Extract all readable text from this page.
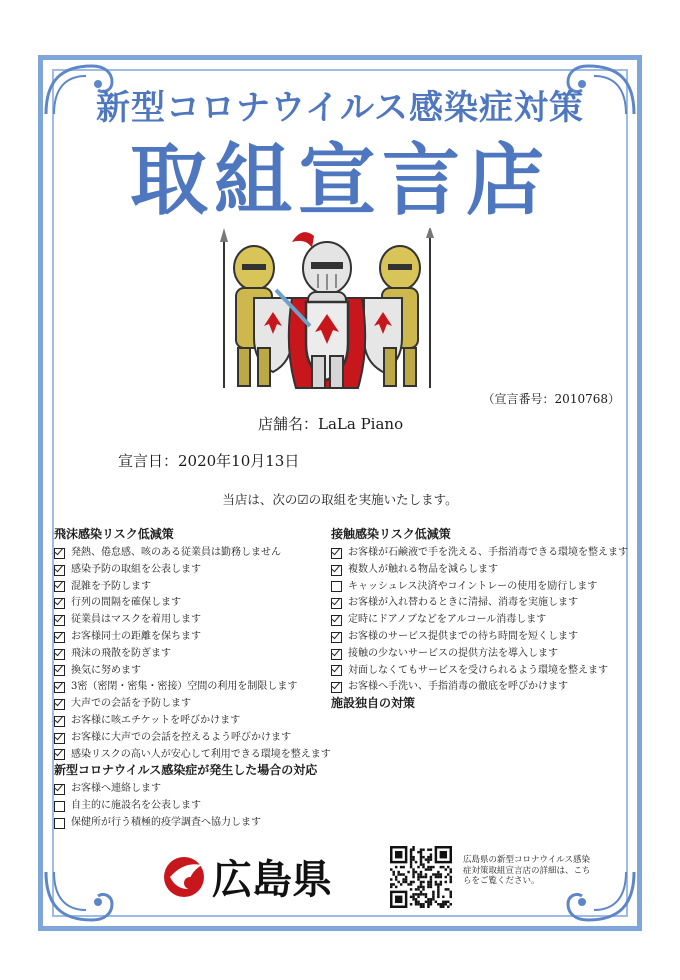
新型コロナウイルス感染症対策
取組宣言店
（宣言番号：2010768）
店舗名：LaLa Piano
宣言日：2020年10月13日
当店は、次の☑の取組を実施いたします。
飛沫感染リスク低減策
発熱、倦怠感、咳のある従業員は勤務しません
感染予防の取組を公表します
混雑を予防します
行列の間隔を確保します
従業員はマスクを着用します
お客様同士の距離を保ちます
飛沫の飛散を防ぎます
換気に努めます
3密（密閉・密集・密接）空間の利用を制限します
大声での会話を予防します
お客様に咳エチケットを呼びかけます
お客様に大声での会話を控えるよう呼びかけます
感染リスクの高い人が安心して利用できる環境を整えます
新型コロナウイルス感染症が発生した場合の対応
お客様へ連絡します
自主的に施設名を公表します
保健所が行う積極的疫学調査へ協力します
接触感染リスク低減策
お客様が石鹸液で手を洗える、手指消毒できる環境を整えます
複数人が触れる物品を減らします
キャッシュレス決済やコイントレーの使用を励行します
お客様が入れ替わるときに清掃、消毒を実施します
定時にドアノブなどをアルコール消毒します
お客様のサービス提供までの待ち時間を短くします
接触の少ないサービスの提供方法を導入します
対面しなくてもサービスを受けられるよう環境を整えます
お客様へ手洗い、手指消毒の徹底を呼びかけます
施設独自の対策
広島県	広島県の新型コロナウイルス感染症対策取組宣言店の詳細は、こちらをご覧ください。
